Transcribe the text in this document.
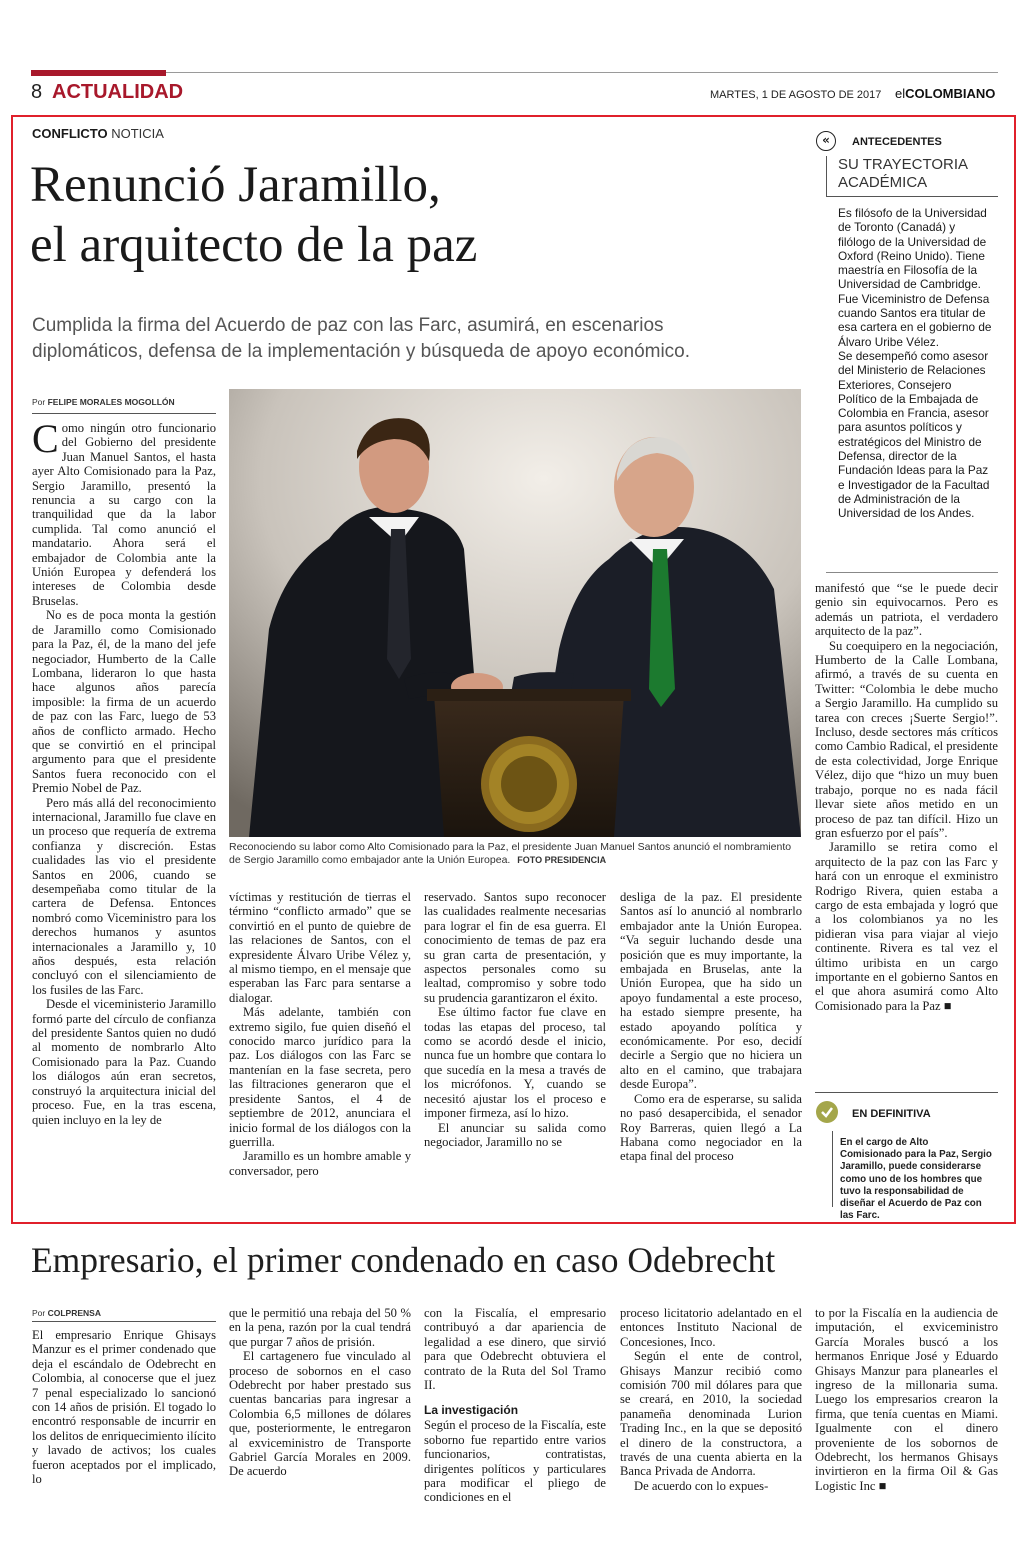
8 ACTUALIDAD	MARTES, 1 DE AGOSTO DE 2017 elCOLOMBIANO
CONFLICTO NOTICIA
Renunció Jaramillo,
el arquitecto de la paz
Cumplida la firma del Acuerdo de paz con las Farc, asumirá, en escenarios
diplomáticos, defensa de la implementación y búsqueda de apoyo económico.
Por FELIPE MORALES MOGOLLÓN
Reconociendo su labor como Alto Comisionado para la Paz, el presidente Juan Manuel Santos anunció el nombramiento de Sergio Jaramillo como embajador ante la Unión Europea. FOTO PRESIDENCIA
«	ANTECEDENTES
SU TRAYECTORIA
ACADÉMICA

Es filósofo de la Universidad de Toronto (Canadá) y filólogo de la Universidad de Oxford (Reino Unido). Tiene maestría en Filosofía de la Universidad de Cambridge. Fue Viceministro de Defensa cuando Santos era titular de esa cartera en el gobierno de Álvaro Uribe Vélez.

Se desempeñó como asesor del Ministerio de Relaciones Exteriores, Consejero Político de la Embajada de Colombia en Francia, asesor para asuntos políticos y estratégicos del Ministro de Defensa, director de la Fundación Ideas para la Paz e Investigador de la Facultad de Administración de la Universidad de los Andes.

Como ningún otro funcionario del Gobierno del presidente Juan Manuel Santos, el hasta ayer Alto Comisionado para la Paz, Sergio Jaramillo, presentó la renuncia a su cargo con la tranquilidad que da la labor cumplida. Tal como anunció el mandatario. Ahora será el embajador de Colombia ante la Unión Europea y defenderá los intereses de Colombia desde Bruselas.

No es de poca monta la gestión de Jaramillo como Comisionado para la Paz, él, de la mano del jefe negociador, Humberto de la Calle Lombana, lideraron lo que hasta hace algunos años parecía imposible: la firma de un acuerdo de paz con las Farc, luego de 53 años de conflicto armado. Hecho que se convirtió en el principal argumento para que el presidente Santos fuera reconocido con el Premio Nobel de Paz.

Pero más allá del reconocimiento internacional, Jaramillo fue clave en un proceso que requería de extrema confianza y discreción. Estas cualidades las vio el presidente Santos en 2006, cuando se desempeñaba como titular de la cartera de Defensa. Entonces nombró como Viceministro para los derechos humanos y asuntos internacionales a Jaramillo y, 10 años después, esta relación concluyó con el silenciamiento de los fusiles de las Farc.

Desde el viceministerio Jaramillo formó parte del círculo de confianza del presidente Santos quien no dudó al momento de nombrarlo Alto Comisionado para la Paz. Cuando los diálogos aún eran secretos, construyó la arquitectura inicial del proceso. Fue, en la tras escena, quien incluyo en la ley de

víctimas y restitución de tierras el término “conflicto armado” que se convirtió en el punto de quiebre de las relaciones de Santos, con el expresidente Álvaro Uribe Vélez y, al mismo tiempo, en el mensaje que esperaban las Farc para sentarse a dialogar.

Más adelante, también con extremo sigilo, fue quien diseñó el conocido marco jurídico para la paz. Los diálogos con las Farc se mantenían en la fase secreta, pero las filtraciones generaron que el presidente Santos, el 4 de septiembre de 2012, anunciara el inicio formal de los diálogos con la guerrilla.

Jaramillo es un hombre amable y conversador, pero

reservado. Santos supo reconocer las cualidades realmente necesarias para lograr el fin de esa guerra. El conocimiento de temas de paz era su gran carta de presentación, y aspectos personales como su lealtad, compromiso y sobre todo su prudencia garantizaron el éxito.

Ese último factor fue clave en todas las etapas del proceso, tal como se acordó desde el inicio, nunca fue un hombre que contara lo que sucedía en la mesa a través de los micrófonos. Y, cuando se necesitó ajustar los el proceso e imponer firmeza, así lo hizo.

El anunciar su salida como negociador, Jaramillo no se

desliga de la paz. El presidente Santos así lo anunció al nombrarlo embajador ante la Unión Europea. “Va seguir luchando desde una posición que es muy importante, la embajada en Bruselas, ante la Unión Europea, que ha sido un apoyo fundamental a este proceso, ha estado siempre presente, ha estado apoyando política y económicamente. Por eso, decidí decirle a Sergio que no hiciera un alto en el camino, que trabajara desde Europa”.

Como era de esperarse, su salida no pasó desapercibida, el senador Roy Barreras, quien llegó a La Habana como negociador en la etapa final del proceso

manifestó que “se le puede decir genio sin equivocarnos. Pero es además un patriota, el verdadero arquitecto de la paz”.

Su coequipero en la negociación, Humberto de la Calle Lombana, afirmó, a través de su cuenta en Twitter: “Colombia le debe mucho a Sergio Jaramillo. Ha cumplido su tarea con creces ¡Suerte Sergio!”. Incluso, desde sectores más críticos como Cambio Radical, el presidente de esta colectividad, Jorge Enrique Vélez, dijo que “hizo un muy buen trabajo, porque no es nada fácil llevar siete años metido en un proceso de paz tan difícil. Hizo un gran esfuerzo por el país”.

Jaramillo se retira como el arquitecto de la paz con las Farc y hará con un enroque el exministro Rodrigo Rivera, quien estaba a cargo de esta embajada y logró que a los colombianos ya no les pidieran visa para viajar al viejo continente. Rivera es tal vez el último uribista en un cargo importante en el gobierno Santos en el que ahora asumirá como Alto Comisionado para la Paz ■

EN DEFINITIVA
En el cargo de Alto Comisionado para la Paz, Sergio Jaramillo, puede considerarse como uno de los hombres que tuvo la responsabilidad de diseñar el Acuerdo de Paz con las Farc.
Empresario, el primer condenado en caso Odebrecht
Por COLPRENSA

El empresario Enrique Ghisays Manzur es el primer condenado que deja el escándalo de Odebrecht en Colombia, al conocerse que el juez 7 penal especializado lo sancionó con 14 años de prisión. El togado lo encontró responsable de incurrir en los delitos de enriquecimiento ilícito y lavado de activos; los cuales fueron aceptados por el implicado, lo

que le permitió una rebaja del 50 % en la pena, razón por la cual tendrá que purgar 7 años de prisión.

El cartagenero fue vinculado al proceso de sobornos en el caso Odebrecht por haber prestado sus cuentas bancarias para ingresar a Colombia 6,5 millones de dólares que, posteriormente, le entregaron al exviceministro de Transporte Gabriel García Morales en 2009. De acuerdo

con la Fiscalía, el empresario contribuyó a dar apariencia de legalidad a ese dinero, que sirvió para que Odebrecht obtuviera el contrato de la Ruta del Sol Tramo II.

La investigación

Según el proceso de la Fiscalía, este soborno fue repartido entre varios funcionarios, contratistas, dirigentes políticos y particulares para modificar el pliego de condiciones en el

proceso licitatorio adelantado en el entonces Instituto Nacional de Concesiones, Inco.

Según el ente de control, Ghisays Manzur recibió como comisión 700 mil dólares para que se creará, en 2010, la sociedad panameña denominada Lurion Trading Inc., en la que se depositó el dinero de la constructora, a través de una cuenta abierta en la Banca Privada de Andorra.

De acuerdo con lo expues-

to por la Fiscalía en la audiencia de imputación, el exviceministro García Morales buscó a los hermanos Enrique José y Eduardo Ghisays Manzur para planearles el ingreso de la millonaria suma. Luego los empresarios crearon la firma, que tenía cuentas en Miami. Igualmente con el dinero proveniente de los sobornos de Odebrecht, los hermanos Ghisays invirtieron en la firma Oil & Gas Logistic Inc ■
